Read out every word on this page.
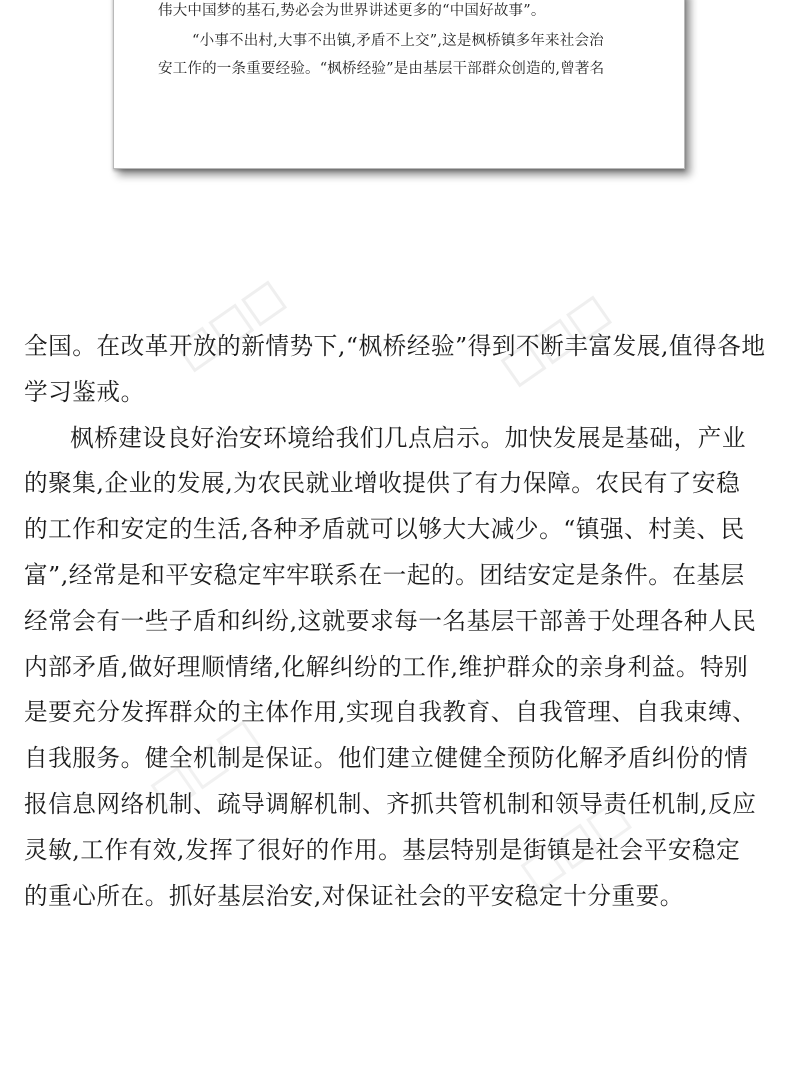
伟大中国梦的基石,势必会为世界讲述更多的“中国好故事”。
“小事不出村,大事不出镇,矛盾不上交”,这是枫桥镇多年来社会治
安工作的一条重要经验。“枫桥经验”是由基层干部群众创造的,曾著名
全国。在改革开放的新情势下,“枫桥经验”得到不断丰富发展,值得各地
学习鉴戒。
枫桥建设良好治安环境给我们几点启示。加快发展是基础，产业
的聚集,企业的发展,为农民就业增收提供了有力保障。农民有了安稳
的工作和安定的生活,各种矛盾就可以够大大减少。“镇强、村美、民
富”,经常是和平安稳定牢牢联系在一起的。团结安定是条件。在基层
经常会有一些子盾和纠纷,这就要求每一名基层干部善于处理各种人民
内部矛盾,做好理顺情绪,化解纠纷的工作,维护群众的亲身利益。特别
是要充分发挥群众的主体作用,实现自我教育、自我管理、自我束缚、
自我服务。健全机制是保证。他们建立健健全预防化解矛盾纠份的情
报信息网络机制、疏导调解机制、齐抓共管机制和领导责任机制,反应
灵敏,工作有效,发挥了很好的作用。基层特别是街镇是社会平安稳定
的重心所在。抓好基层治安,对保证社会的平安稳定十分重要。
